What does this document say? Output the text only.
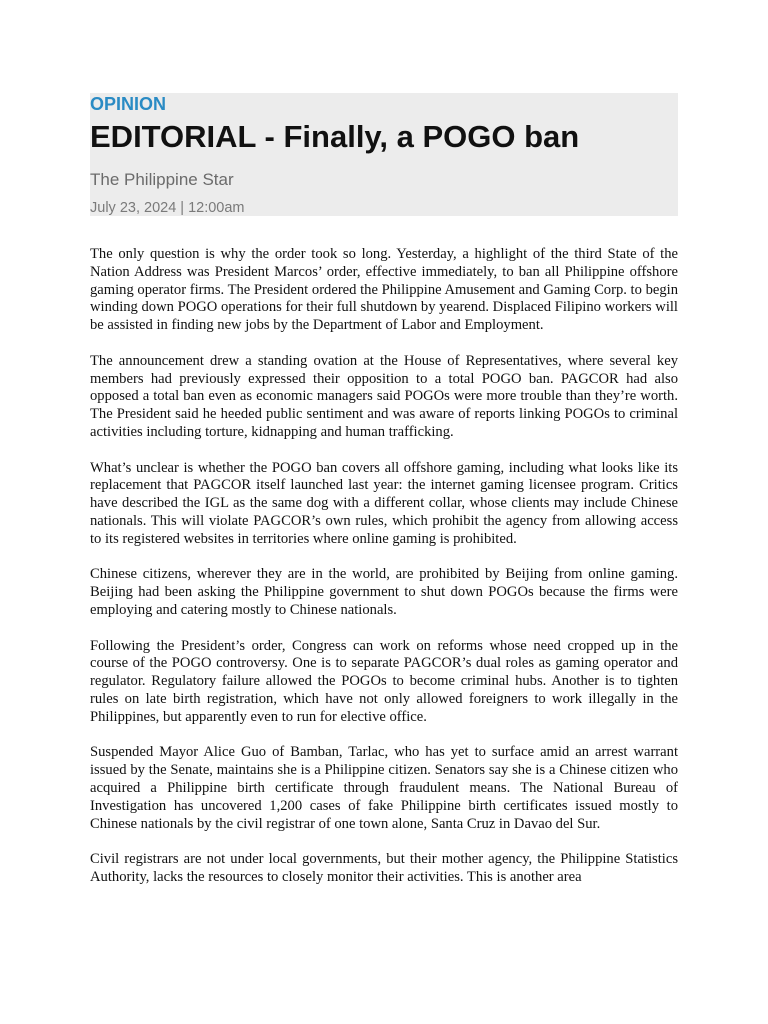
OPINION
EDITORIAL - Finally, a POGO ban
The Philippine Star
July 23, 2024 | 12:00am

The only question is why the order took so long. Yesterday, a highlight of the third State of the Nation Address was President Marcos’ order, effective immediately, to ban all Philippine offshore gaming operator firms. The President ordered the Philippine Amusement and Gaming Corp. to begin winding down POGO operations for their full shutdown by yearend. Displaced Filipino workers will be assisted in finding new jobs by the Department of Labor and Employment.

The announcement drew a standing ovation at the House of Representatives, where several key members had previously expressed their opposition to a total POGO ban. PAGCOR had also opposed a total ban even as economic managers said POGOs were more trouble than they’re worth. The President said he heeded public sentiment and was aware of reports linking POGOs to criminal activities including torture, kidnapping and human trafficking.

What’s unclear is whether the POGO ban covers all offshore gaming, including what looks like its replacement that PAGCOR itself launched last year: the internet gaming licensee program. Critics have described the IGL as the same dog with a different collar, whose clients may include Chinese nationals. This will violate PAGCOR’s own rules, which prohibit the agency from allowing access to its registered websites in territories where online gaming is prohibited.

Chinese citizens, wherever they are in the world, are prohibited by Beijing from online gaming. Beijing had been asking the Philippine government to shut down POGOs because the firms were employing and catering mostly to Chinese nationals.

Following the President’s order, Congress can work on reforms whose need cropped up in the course of the POGO controversy. One is to separate PAGCOR’s dual roles as gaming operator and regulator. Regulatory failure allowed the POGOs to become criminal hubs. Another is to tighten rules on late birth registration, which have not only allowed foreigners to work illegally in the Philippines, but apparently even to run for elective office.

Suspended Mayor Alice Guo of Bamban, Tarlac, who has yet to surface amid an arrest warrant issued by the Senate, maintains she is a Philippine citizen. Senators say she is a Chinese citizen who acquired a Philippine birth certificate through fraudulent means. The National Bureau of Investigation has uncovered 1,200 cases of fake Philippine birth certificates issued mostly to Chinese nationals by the civil registrar of one town alone, Santa Cruz in Davao del Sur.

Civil registrars are not under local governments, but their mother agency, the Philippine Statistics Authority, lacks the resources to closely monitor their activities. This is another area
